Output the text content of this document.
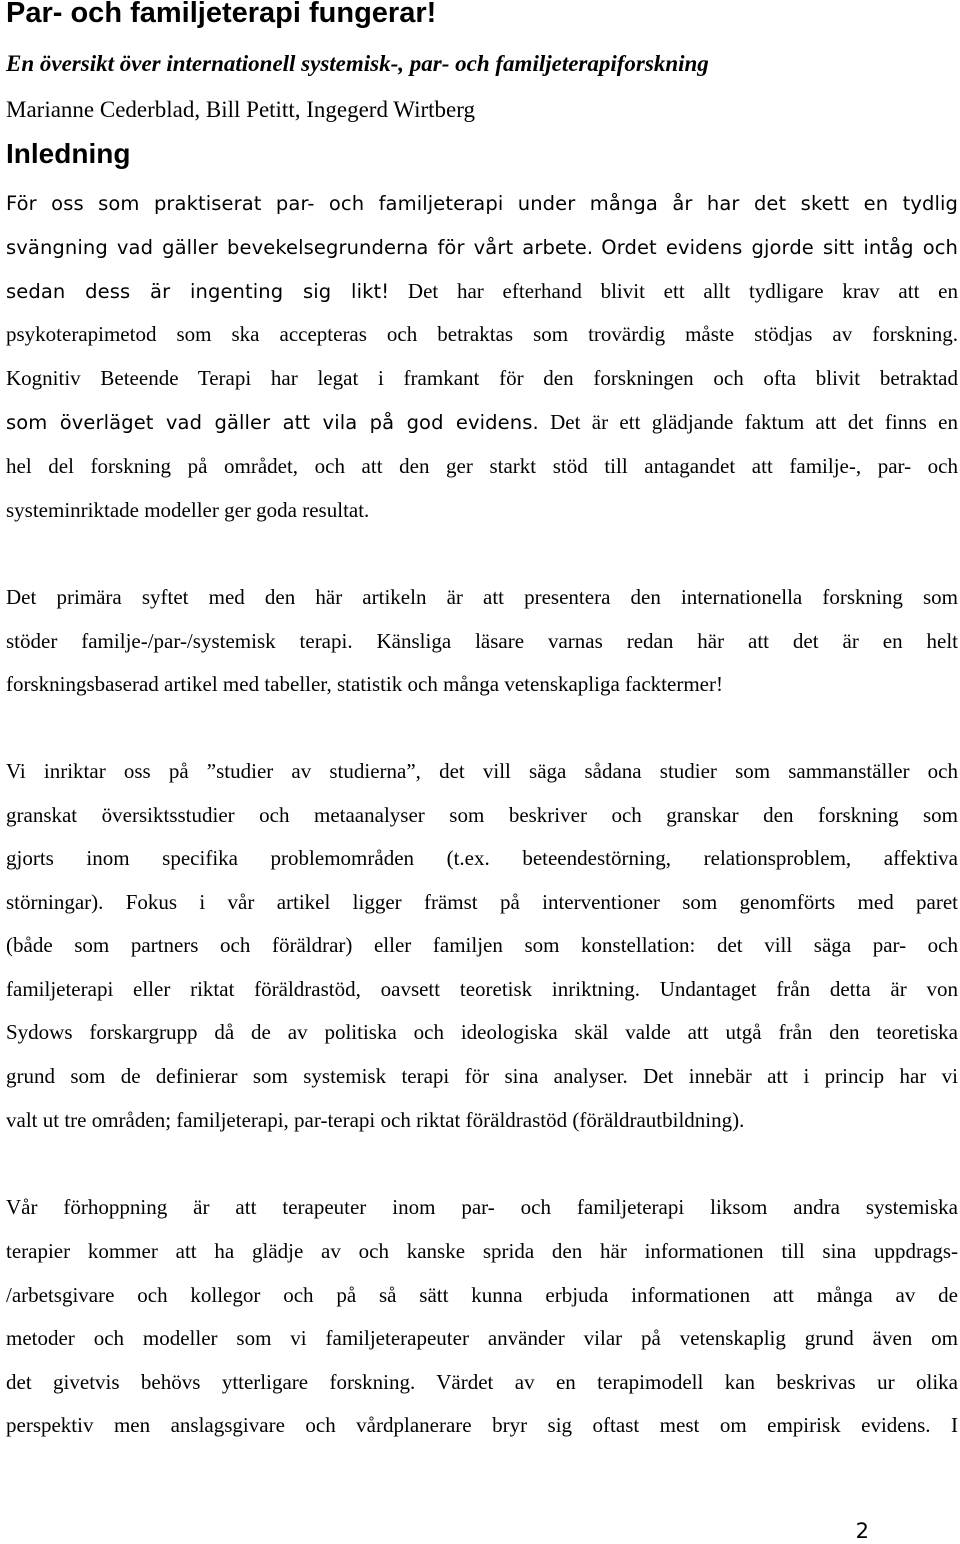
Par- och familjeterapi fungerar!

En översikt över internationell systemisk-, par- och familjeterapiforskning

Marianne Cederblad, Bill Petitt, Ingegerd Wirtberg

Inledning

För oss som praktiserat par- och familjeterapi under många år har det skett en tydlig

svängning vad gäller bevekelsegrunderna för vårt arbete. Ordet evidens gjorde sitt intåg och
sedan dess är ingenting sig likt! Det har efterhand blivit ett allt tydligare krav att en

psykoterapimetod som ska accepteras och betraktas som trovärdig måste stödjas av forskning.

Kognitiv Beteende Terapi har legat i framkant för den forskningen och ofta blivit betraktad

som överläget vad gäller att vila på god evidens. Det är ett glädjande faktum att det finns en

hel del forskning på området, och att den ger starkt stöd till antagandet att familje-, par- och

systeminriktade modeller ger goda resultat.

Det primära syftet med den här artikeln är att presentera den internationella forskning som

stöder familje-/par-/systemisk terapi. Känsliga läsare varnas redan här att det är en helt

forskningsbaserad artikel med tabeller, statistik och många vetenskapliga facktermer!

Vi inriktar oss på ”studier av studierna”, det vill säga sådana studier som sammanställer och

granskat översiktsstudier och metaanalyser som beskriver och granskar den forskning som

gjorts inom specifika problemområden (t.ex. beteendestörning, relationsproblem, affektiva

störningar). Fokus i vår artikel ligger främst på interventioner som genomförts med paret

(både som partners och föräldrar) eller familjen som konstellation: det vill säga par- och

familjeterapi eller riktat föräldrastöd, oavsett teoretisk inriktning. Undantaget från detta är von

Sydows forskargrupp då de av politiska och ideologiska skäl valde att utgå från den teoretiska

grund som de definierar som systemisk terapi för sina analyser. Det innebär att i princip har vi

valt ut tre områden; familjeterapi, par-terapi och riktat föräldrastöd (föräldrautbildning).

Vår förhoppning är att terapeuter inom par- och familjeterapi liksom andra systemiska

terapier kommer att ha glädje av och kanske sprida den här informationen till sina uppdrags-

/arbetsgivare och kollegor och på så sätt kunna erbjuda informationen att många av de

metoder och modeller som vi familjeterapeuter använder vilar på vetenskaplig grund även om

det givetvis behövs ytterligare forskning. Värdet av en terapimodell kan beskrivas ur olika

perspektiv men anslagsgivare och vårdplanerare bryr sig oftast mest om empirisk evidens. I

2
